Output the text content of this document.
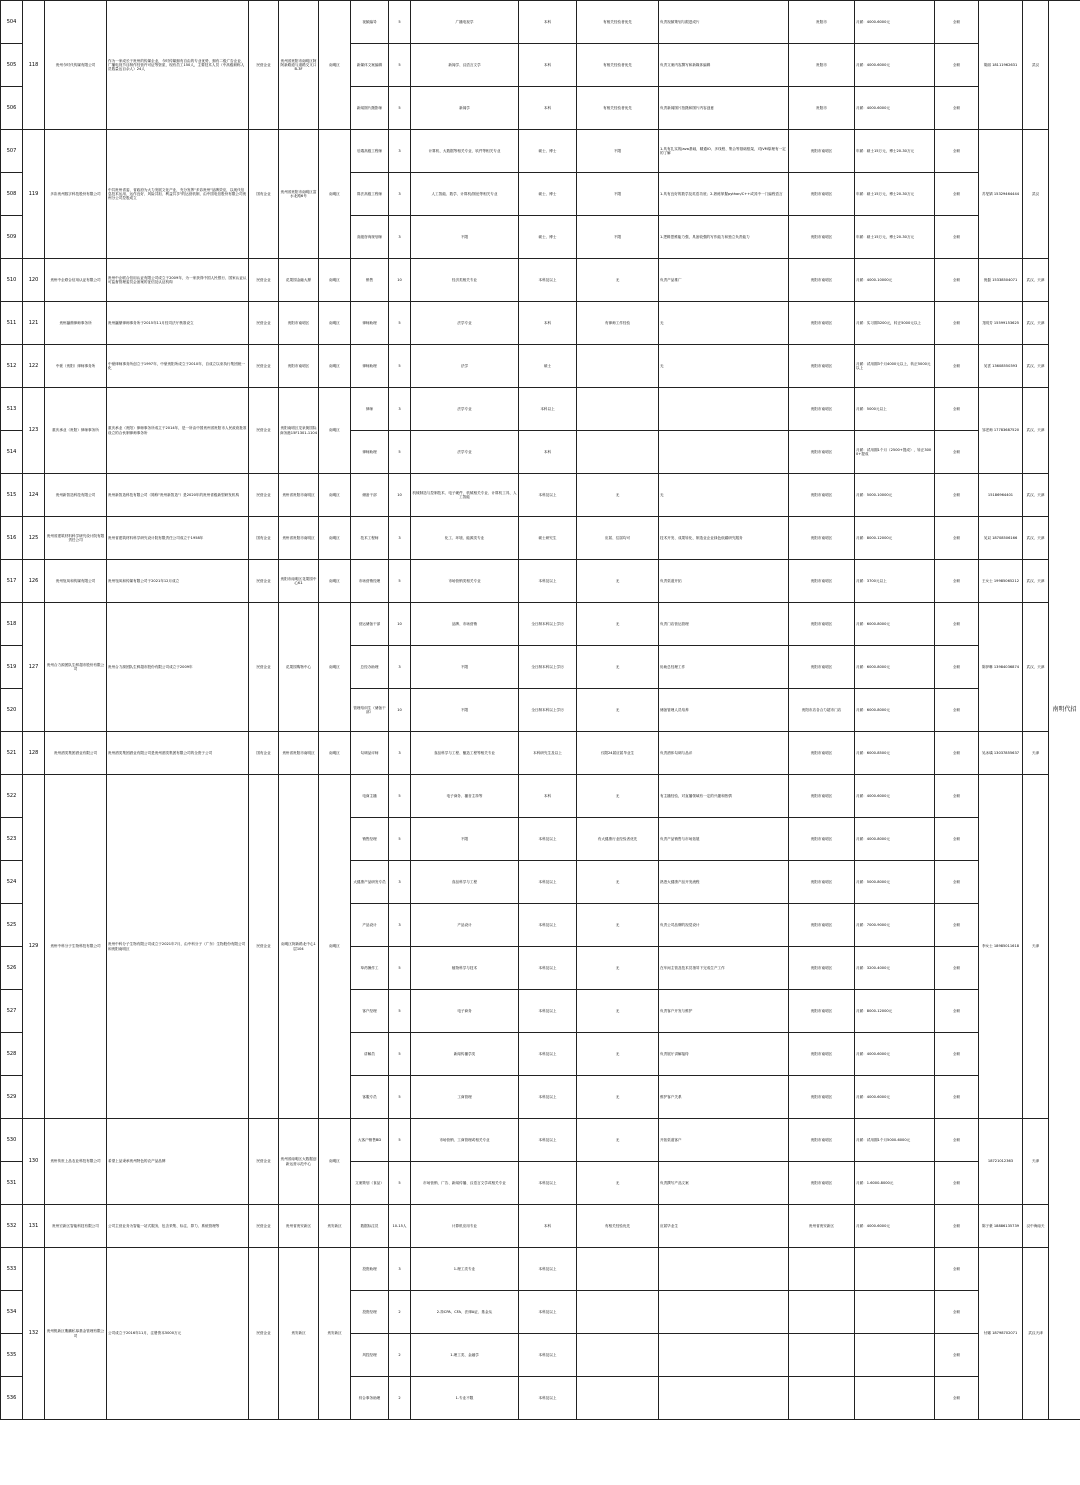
504	118	贵州今时代传媒有限公司	作为一家成长于贵州的传媒企业，今时传媒拥有自由的专业优势，拥有二级广告企业、广播电视节目制作经营许可证等资质，现有员工150人，主要技术人员（中高级职称人员数量达百余人）24人	民营企业	贵州省贵阳市南明区阿阿新路道与道路交叉口B-3F	南明区	视频编导	5	广播电视学	本科	有相关经验者优先	负责视频策划与跟进成片	贵阳市	月薪：4000-6000元	全职	胡丽 18111962631	武汉	南明代招
505							新媒体文案编辑	5	新闻学、汉语言文学	本科	有相关经验者优先	负责文案内容撰写和新媒体编辑	贵阳市	月薪：4000-6000元	全职			
506							新闻图片摄影师	5	新闻学	本科	有相关经验者优先	负责新闻图片拍摄和图片内容创意	贵阳市	月薪：4000-6000元	全职			
507	119	多彩贵州数字科技股份有限公司	中共贵州省委、省政府为大力发展文化产业，充分发挥"多彩贵州"品牌效应，以现代信息技术运用、运作良好、风险共担、利益共享"的运营机制，由中国电信股份有限公司贵州分公司控股成立	国有企业	贵州省贵阳市南明区富水北路6号	南明区	后端高级工程师	3	计算机、大数据等相关专业、软件等相关专业	硕士、博士	不限	1.具有扎实的Java基础，精通IO、多线程、集合等基础框架，对JVM原理有一定的了解	贵阳市南明区	年薪：硕士15万元，博士20-30万元	全职	苏旻婧 15329464444	武汉	
508							算法高级工程师	3	人工智能、数学、计算机/图论等相关专业	硕士、博士	不限	1.具有良好的数学及英语功底；2.熟练掌握python/C++或其中一门编程语言	贵阳市南明区	年薪：硕士15万元，博士20-30万元	全职			
509							高级咨询规划师	3	不限	硕士、博士	不限	1.逻辑思维能力强，具备较强的写作能力和独立负责能力	贵阳市南明区	年薪：硕士15万元，博士20-30万元	全职			
510	120	贵州中企联合信用认证有限公司	贵州中企联合信用认证有限公司成立于2009年，为一家获得中国人民银行、国家认证认可监督管理委员会备案的征信及认证机构	民营企业	花果园金融大厦	南明区	销售	10	经济类相关专业	本科及以上	无	负责产品推广	贵阳市南明区	月薪：4000-10000元	全职	倪磊 15338504071	武汉、天津	
511	121	贵州瀛鼎律师事务所	贵州瀛鼎律师事务所于2015年11月经司法厅核准设立	民营企业	贵阳市南明区	南明区	律师助理	5	法学专业	本科	有律师工作经验	无	贵阳市南明区	月薪：实习期3200元，转正5000元以上	全职	龙明芳 15599153625	武汉、天津	
512	122	中豪（贵阳）律师事务所	中豪律师事务所创立于1997年，中豪贵阳所成立于2010年，自成立以来执行集团统一化	民营企业	贵阳市南明区	南明区	律师助理	5	法学	硕士		无	贵阳市南明区	月薪：试用期3个月4000元以上，转正5000元以上	全职	吴雲 13608550393	武汉、天津	
513	123	重庆承业（贵阳）律师事务所	重庆承业（贵阳）律师事务所成立于2014年，是一所由中国贵州省贵阳市人民政府批准设立的合伙制律师事务所	民营企业	贵阳南明区龙泉街国际商务港15F1301-1104	南明区	律师	3	法学专业	本科以上			贵阳市南明区	月薪：5000元以上	全职	邹老师 17783687520	武汉、天津	
514							律师助理	5	法学专业	本科			贵阳市南明区	月薪：试用期1个月（2500+提成），转正3000+提成	全职			
515	124	贵州新智造科技有限公司	贵州新智造科技有限公司（简称"贵州新智造"）是2020年的贵州省级新型研发机构	民营企业	贵州省贵阳市南明区	南明区	储备干部	10	机械制造与控制技术、电子硬件、机械相关专业、计算机工具、人工智能	本科及以上	无	无	贵阳市南明区	月薪：5000-10000元	全职	15186964401	武汉、天津	
516	125	贵州省建筑材料科学研究设计院有限责任公司	贵州省建筑材料科学研究设计院有限责任公司成立于1958年	国有企业	贵州省贵阳市南明区	南明区	技术工程师	3	化工、环境、能源类专业	硕士研究生	应届、往届均可	技术开发、成果转化、制造业企业绿色低碳研究服务	贵阳市南明区	月薪：8000-12000元	全职	吴双 18708506166	武汉、天津	
517	126	贵州瓴凤和传媒有限公司	贵州瓴凤和传媒有限公司于2021年12月成立	民营企业	贵阳市南明区花果园中心K1	南明区	市场营销经理	5	市场营销类相关专业	本科及以上	无	负责渠道开拓	贵阳市南明区	月薪：3700元以上	全职	王女士 19985065212	武汉、天津	
518	127	贵州合力源团队生鲜超市股份有限公司	贵州合力源团队生鲜超市股份有限公司成立于2009年	民营企业	花果园购物中心	南明区	营运储备干部	10	品牌、市场营销	全日制本科以上学历	无	负责门店营运管理	贵阳市南明区	月薪：6000-8000元	全职	陈伊琳 13984036874	武汉、天津	
519							总经办助理	3	不限	全日制本科以上学历	无	协助总经理工作	贵阳市南明区	月薪：6000-8000元	全职			
520							管理培训生（储备干部）	10	不限	全日制本科以上学历	无	储备管理人员培养	贵阳市店各合力超市门店	月薪：6000-8000元	全职			
521	128	贵州酒类集团酒业有限公司	贵州酒类集团酒业有限公司是贵州酒类集团有限公司的全资子公司	国有企业	贵州省贵阳市南明区	南明区	勾调品评师	3	食品科学与工程、酿造工程等相关专业	本科研究生及以上	仅限24届应届毕业生	负责酒体勾调与品评	贵阳市南明区	月薪：6000-8500元	全职	吴冰瑀 13037855637	天津	
522	129	贵州中科分子生物科技有限公司	贵州中科分子生物有限公司成立于2021年7月，由中科分子（广东）生物股份有限公司和贵阳南明区	民营企业	南明区阿新路北中心1层104	南明区	电商主播	5	电子商务、播音主持等	本科	无	有主播经验，对直播领域有一定的兴趣和热情	贵阳市南明区	月薪：4000-6000元	全职	李女士 18985011618	天津	
523							销售经理	5	不限	本科及以上	有大健康行业经验者优先	负责产品销售与市场拓展	贵阳市南明区	月薪：4000-8000元	全职			
524							大健康产品研发专员	3	食品科学与工程	本科及以上	无	熟悉大健康产品开发流程	贵阳市南明区	月薪：5000-8000元	全职			
525							产品设计	3	产品设计	本科及以上	无	负责公司品牌的视觉设计	贵阳市南明区	月薪：7000-9000元	全职			
526							草药操作工	5	植物科学与技术	本科及以上	无	在车间主管及技术员指导下完成生产工作	贵阳市南明区	月薪：3200-4000元	全职			
527							客户经理	5	电子商务	本科及以上	无	负责客户开发与维护	贵阳市南明区	月薪：8000-12000元	全职			
528							讲解员	5	新闻传播学类	本科及以上	无	负责展厅讲解接待	贵阳市南明区	月薪：4000-6000元	全职			
529							客服专员	5	工商管理	本科及以上	无	维护客户关系	贵阳市南明区	月薪：4000-6000元	全职			
530	130	贵州传世上品农业科技有限公司	希望上品秉承贵州特色的农产品品牌	民营企业	贵州省南明区大数据创新运营示范中心	南明区	大客户销售BD	5	市场营销、工商管理或相关专业	本科及以上	无	开拓渠道客户	贵阳市南明区	月薪：试用期1个月5000-6000元	全职	18721012363	天津	
531							文案策划（食品）	5	市场营销、广告、新闻传播、汉语言文学或相关专业	本科及以上	无	负责撰写产品文案	贵阳市南明区	月薪：1.6000-8000元	全职			
532	131	贵州宏新区智能科技有限公司	公司主营业务为智能一站式服务，包含采集、标注、算力、系统管理等	民营企业	贵州省贵安新区	贵安新区	数据标注员	10-15人	计算机应用专业	本科	有相关经验优先	应届毕业生	贵州省贵安新区	月薪：4000-6000元	全职	陈子豪 18886135739	汉中海南天	
533	132	贵州锐新区胤鹏私募基金管理有限公司	公司成立于2016年11月，注册资本5000万元	民营企业	贵安新区	贵安新区	投资助理	3	1.理工类专业	本科及以上					全职	付娜 18798702071	武汉天津	
534							投资经理	2	2.持CPA、CFA、法律A证、基金从	本科及以上					全职			
535							风控经理	2	1.理工类、金融学	本科及以上					全职			
536							综合事务助理	2	1.专业不限	本科及以上					全职			
